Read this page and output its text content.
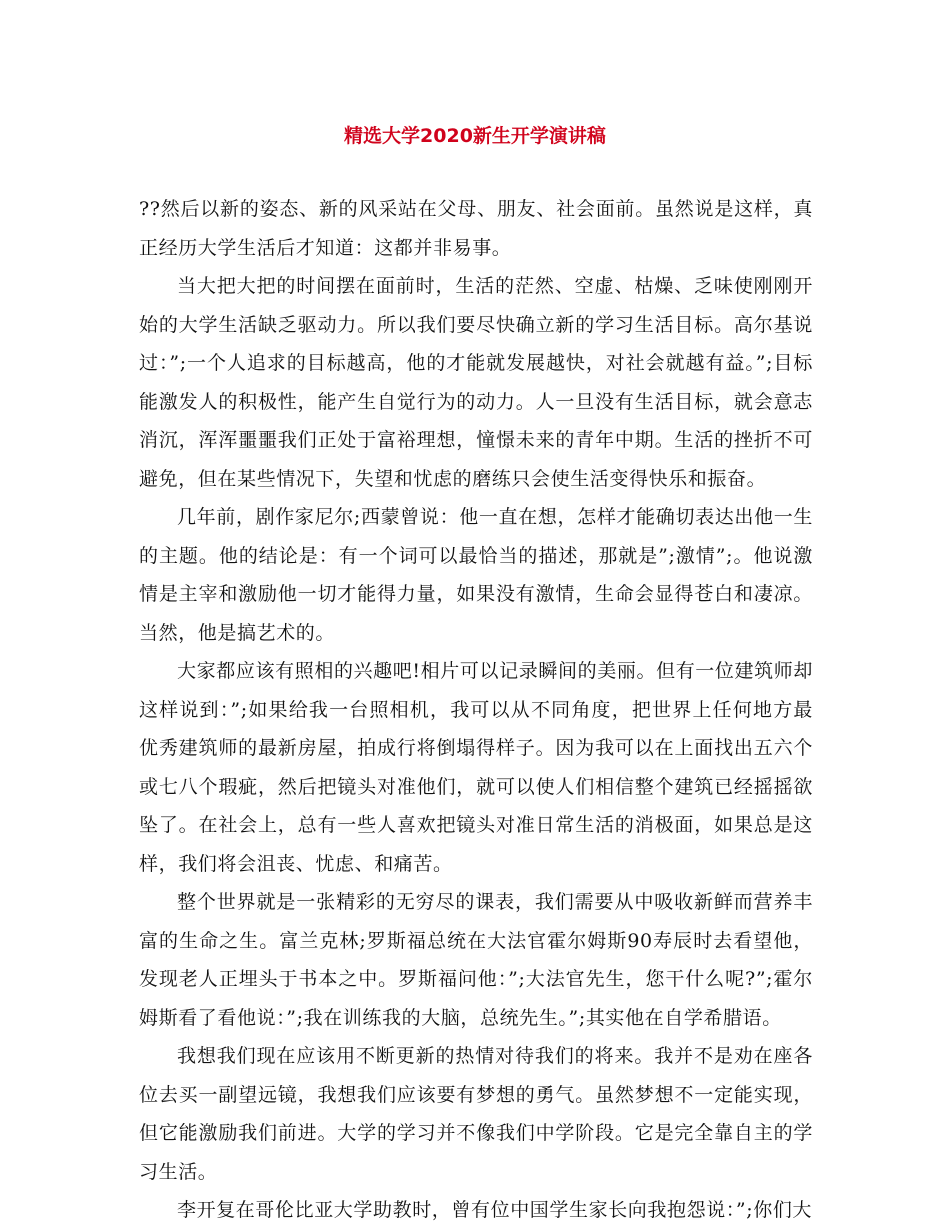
精选大学2020新生开学演讲稿

??然后以新的姿态、新的风采站在父母、朋友、社会面前。虽然说是这样，真正经历大学生活后才知道：这都并非易事。

当大把大把的时间摆在面前时，生活的茫然、空虚、枯燥、乏味使刚刚开始的大学生活缺乏驱动力。所以我们要尽快确立新的学习生活目标。高尔基说过：”;一个人追求的目标越高，他的才能就发展越快，对社会就越有益。”;目标能激发人的积极性，能产生自觉行为的动力。人一旦没有生活目标，就会意志消沉，浑浑噩噩我们正处于富裕理想，憧憬未来的青年中期。生活的挫折不可避免，但在某些情况下，失望和忧虑的磨练只会使生活变得快乐和振奋。

几年前，剧作家尼尔;西蒙曾说：他一直在想，怎样才能确切表达出他一生的主题。他的结论是：有一个词可以最恰当的描述，那就是”;激情”;。他说激情是主宰和激励他一切才能得力量，如果没有激情，生命会显得苍白和凄凉。当然，他是搞艺术的。

大家都应该有照相的兴趣吧!相片可以记录瞬间的美丽。但有一位建筑师却这样说到：”;如果给我一台照相机，我可以从不同角度，把世界上任何地方最优秀建筑师的最新房屋，拍成行将倒塌得样子。因为我可以在上面找出五六个或七八个瑕疵，然后把镜头对准他们，就可以使人们相信整个建筑已经摇摇欲坠了。在社会上，总有一些人喜欢把镜头对准日常生活的消极面，如果总是这样，我们将会沮丧、忧虑、和痛苦。

整个世界就是一张精彩的无穷尽的课表，我们需要从中吸收新鲜而营养丰富的生命之生。富兰克林;罗斯福总统在大法官霍尔姆斯90寿辰时去看望他，发现老人正埋头于书本之中。罗斯福问他：”;大法官先生，您干什么呢?”;霍尔姆斯看了看他说：”;我在训练我的大脑，总统先生。”;其实他在自学希腊语。

我想我们现在应该用不断更新的热情对待我们的将来。我并不是劝在座各位去买一副望远镜，我想我们应该要有梦想的勇气。虽然梦想不一定能实现，但它能激励我们前进。大学的学习并不像我们中学阶段。它是完全靠自主的学习生活。

李开复在哥伦比亚大学助教时，曾有位中国学生家长向我抱怨说：”;你们大
